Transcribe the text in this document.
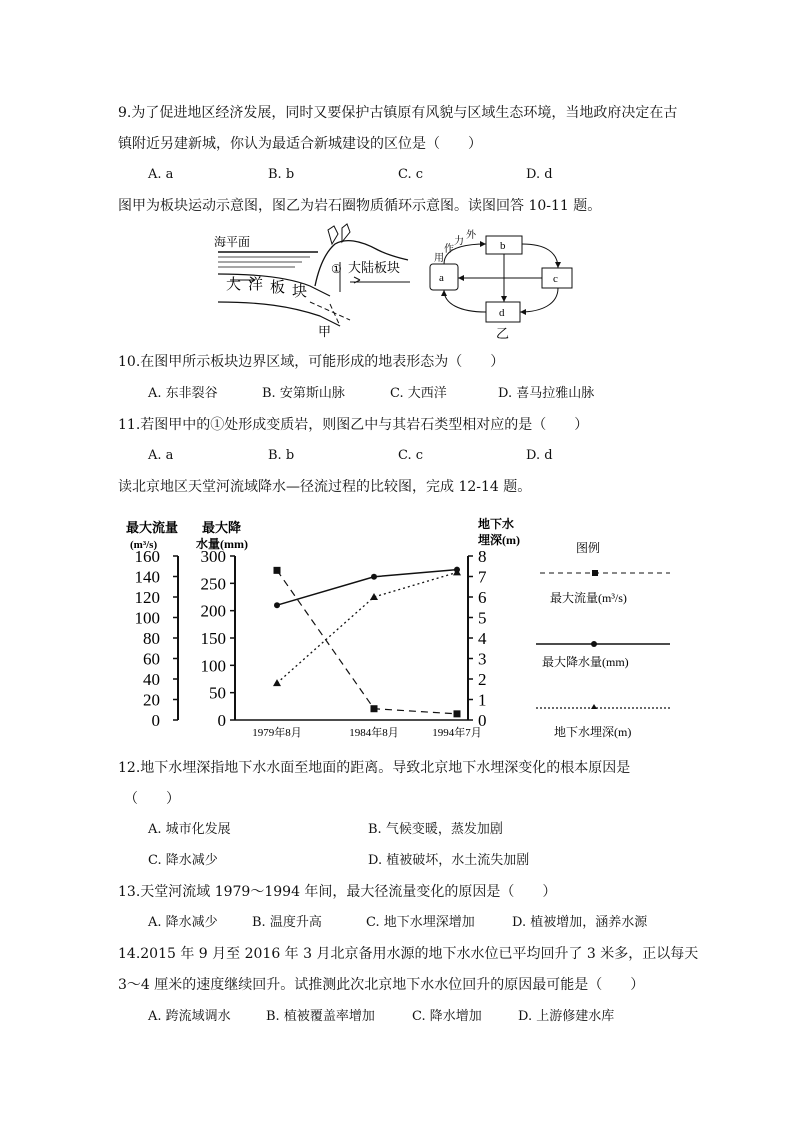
9.为了促进地区经济发展，同时又要保护古镇原有风貌与区域生态环境，当地政府决定在古
镇附近另建新城，你认为最适合新城建设的区位是（　　）
A. a	B. b	C. c	D. d
图甲为板块运动示意图，图乙为岩石圈物质循环示意图。读图回答 10-11 题。
海平面
① 大陆板块
大 洋 板 块
甲
a
b
c
d
用
作
力
外
乙
10.在图甲所示板块边界区域，可能形成的地表形态为（　　）
A. 东非裂谷	B. 安第斯山脉	C. 大西洋	D. 喜马拉雅山脉
11.若图甲中的①处形成变质岩，则图乙中与其岩石类型相对应的是（　　）
A. a	B. b	C. c	D. d
读北京地区天堂河流域降水—径流过程的比较图，完成 12-14 题。
最大流量
(m³/s)
最大降
水量(mm)
地下水
埋深(m)
0
20
40
60
80
100
120
140
160
0
50
100
150
200
250
300
0
1
2
3
4
5
6
7
8
1979年8月	1984年8月	1994年7月
图例
最大流量(m³/s)
最大降水量(mm)
地下水埋深(m)
12.地下水埋深指地下水水面至地面的距离。导致北京地下水埋深变化的根本原因是
（　　）
A. 城市化发展	B. 气候变暖，蒸发加剧
C. 降水减少	D. 植被破坏，水土流失加剧
13.天堂河流域 1979～1994 年间，最大径流量变化的原因是（　　）
A. 降水减少	B. 温度升高	C. 地下水埋深增加	D. 植被增加，涵养水源
14.2015 年 9 月至 2016 年 3 月北京备用水源的地下水水位已平均回升了 3 米多，正以每天
3～4 厘米的速度继续回升。试推测此次北京地下水水位回升的原因最可能是（　　）
A. 跨流域调水	B. 植被覆盖率增加	C. 降水增加	D. 上游修建水库
